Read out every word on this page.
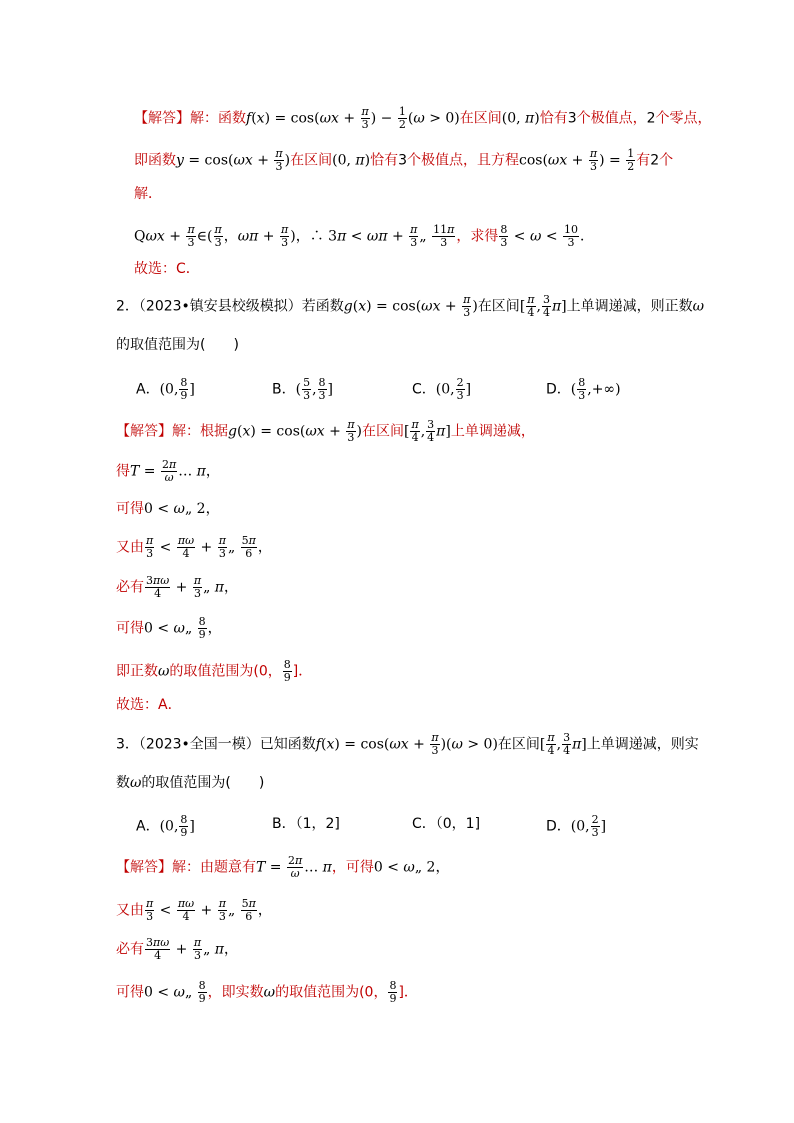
【解答】解：函数$f(x) = \cos(\omega x + \frac{\pi}{3}$ ) − $\frac{1}{2} (\omega > 0)$在区间(0, π)恰有3个极值点，2个零点，
即函数$y = \cos(\omega x + \frac{\pi}{3}$ )在区间(0, π)恰有3个极值点，且方程$\cos(\omega x + \frac{\pi}{3}$ ) = $\frac{1}{2}$ 有2个
解．
$Q\omega x + \frac{\pi}{3}$ ∈( $\frac{\pi}{3}$ ，$\omega\pi + \frac{\pi}{3}$ )，∴ $3\pi < \omega\pi + \frac{\pi}{3}$ „ $\frac{11\pi}{3}$ ，求得 $\frac{8}{3} < \omega < \frac{10}{3}$ ．
故选：C．
2．（2023•镇安县校级模拟）若函数$g(x) = \cos(\omega x + \frac{\pi}{3}$ )在区间[ $\frac{\pi}{4}$ , $\frac{3}{4} \pi$]上单调递减，则正数ω
的取值范围为(　　)
A．(0, $\frac{8}{9}$ ]	B．( $\frac{5}{3}$ , $\frac{8}{3}$ ]	C．(0, $\frac{2}{3}$ ]	D．( $\frac{8}{3}$ ,+∞)
【解答】解：根据$g(x) = \cos(\omega x + \frac{\pi}{3}$ )在区间[ $\frac{\pi}{4}$ , $\frac{3}{4} \pi$]上单调递减，
得$T = \frac{2\pi}{\omega}$ … π，
可得0 < ω„ 2，
又由 $\frac{\pi}{3} < \frac{\pi\omega}{4} + \frac{\pi}{3}$ „ $\frac{5\pi}{6}$ ，
必有 $\frac{3\pi\omega}{4} + \frac{\pi}{3}$ „ π，
可得0 < ω„ $\frac{8}{9}$ ，
即正数ω的取值范围为(0， $\frac{8}{9}$ ]．
故选：A．
3．（2023•全国一模）已知函数$f(x) = \cos(\omega x + \frac{\pi}{3} )(\omega > 0)$在区间[ $\frac{\pi}{4}$ , $\frac{3}{4} \pi$]上单调递减，则实
数ω的取值范围为(　　)
A．(0, $\frac{8}{9}$ ]	B．（1，2]	C．（0，1]	D．(0, $\frac{2}{3}$ ]
【解答】解：由题意有$T = \frac{2\pi}{\omega}$ … π，可得0 < ω„ 2，
又由 $\frac{\pi}{3} < \frac{\pi\omega}{4} + \frac{\pi}{3}$ „ $\frac{5\pi}{6}$ ，
必有 $\frac{3\pi\omega}{4} + \frac{\pi}{3}$ „ π，
可得0 < ω„ $\frac{8}{9}$ ，即实数ω的取值范围为(0， $\frac{8}{9}$ ]．
